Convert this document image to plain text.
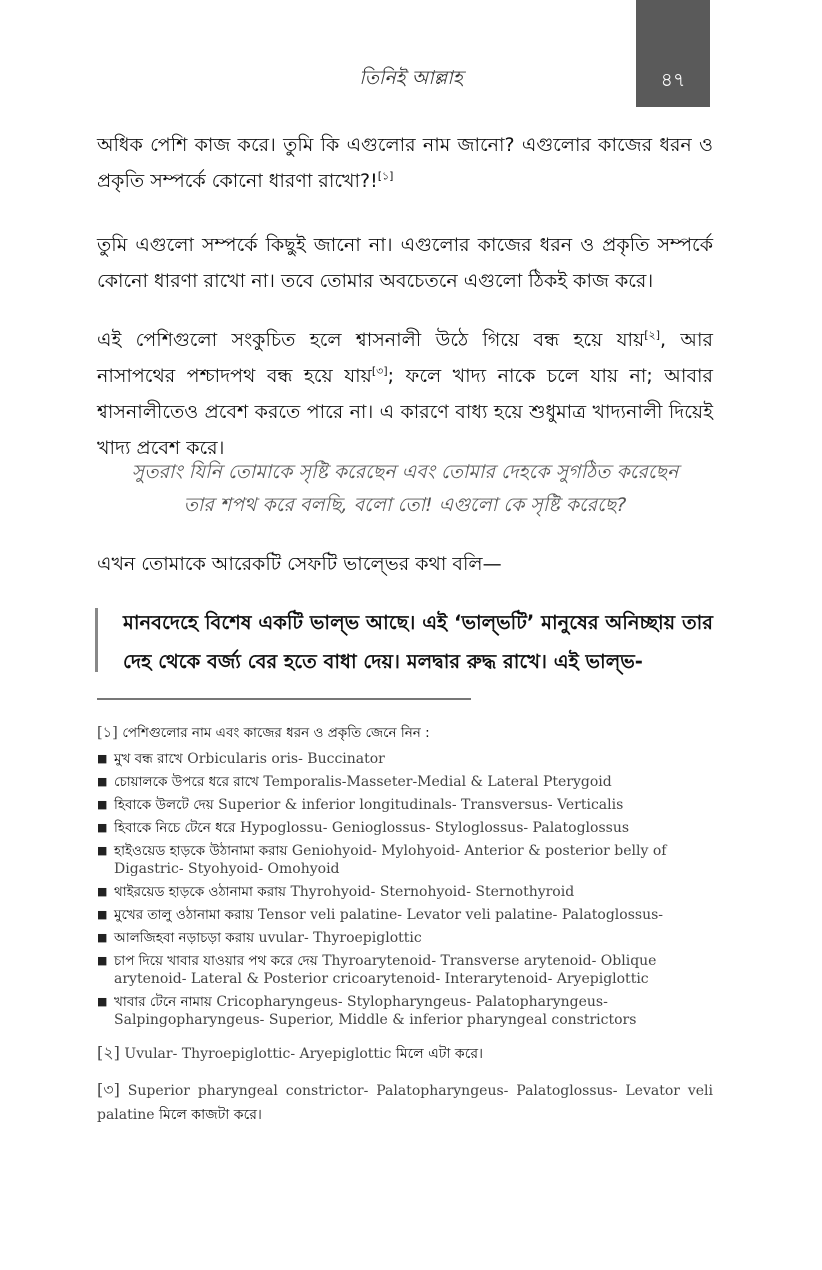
তিনিই আল্লাহ	৪৭

অধিক পেশি কাজ করে। তুমি কি এগুলোর নাম জানো? এগুলোর কাজের ধরন ও প্রকৃতি সম্পর্কে কোনো ধারণা রাখো?![১]

তুমি এগুলো সম্পর্কে কিছুই জানো না। এগুলোর কাজের ধরন ও প্রকৃতি সম্পর্কে কোনো ধারণা রাখো না। তবে তোমার অবচেতনে এগুলো ঠিকই কাজ করে।

এই পেশিগুলো সংকুচিত হলে শ্বাসনালী উঠে গিয়ে বন্ধ হয়ে যায়[২], আর নাসাপথের পশ্চাদপথ বন্ধ হয়ে যায়[৩]; ফলে খাদ্য নাকে চলে যায় না; আবার শ্বাসনালীতেও প্রবেশ করতে পারে না। এ কারণে বাধ্য হয়ে শুধুমাত্র খাদ্যনালী দিয়েই খাদ্য প্রবেশ করে।

সুতরাং যিনি তোমাকে সৃষ্টি করেছেন এবং তোমার দেহকে সুগঠিত করেছেন
তার শপথ করে বলছি, বলো তো! এগুলো কে সৃষ্টি করেছে?

এখন তোমাকে আরেকটি সেফটি ভাল্ভের কথা বলি—

মানবদেহে বিশেষ একটি ভাল্ভ আছে। এই ‘ভাল্ভটি’ মানুষের অনিচ্ছায় তার দেহ থেকে বর্জ্য বের হতে বাধা দেয়। মলদ্বার রুদ্ধ রাখে। এই ভাল্ভ-

[১] পেশিগুলোর নাম এবং কাজের ধরন ও প্রকৃতি জেনে নিন :

■ মুখ বন্ধ রাখে Orbicularis oris- Buccinator
■ চোয়ালকে উপরে ধরে রাখে Temporalis-Masseter-Medial & Lateral Pterygoid
■ হিবাকে উলটে দেয় Superior & inferior longitudinals- Transversus- Verticalis
■ হিবাকে নিচে টেনে ধরে Hypoglossu- Genioglossus- Styloglossus- Palatoglossus
■ হাইওয়েড হাড়কে উঠানামা করায় Geniohyoid- Mylohyoid- Anterior & posterior belly of Digastric- Styohyoid- Omohyoid
■ থাইরয়েড হাড়কে ওঠানামা করায় Thyrohyoid- Sternohyoid- Sternothyroid
■ মুখের তালু ওঠানামা করায় Tensor veli palatine- Levator veli palatine- Palatoglossus-
■ আলজিহবা নড়াচড়া করায় uvular- Thyroepiglottic
■ চাপ দিয়ে খাবার যাওয়ার পথ করে দেয় Thyroarytenoid- Transverse arytenoid- Oblique arytenoid- Lateral & Posterior cricoarytenoid- Interarytenoid- Aryepiglottic
■ খাবার টেনে নামায় Cricopharyngeus- Stylopharyngeus- Palatopharyngeus- Salpingopharyngeus- Superior, Middle & inferior pharyngeal constrictors

[২] Uvular- Thyroepiglottic- Aryepiglottic মিলে এটা করে।

[৩] Superior pharyngeal constrictor- Palatopharyngeus- Palatoglossus- Levator veli palatine মিলে কাজটা করে।
